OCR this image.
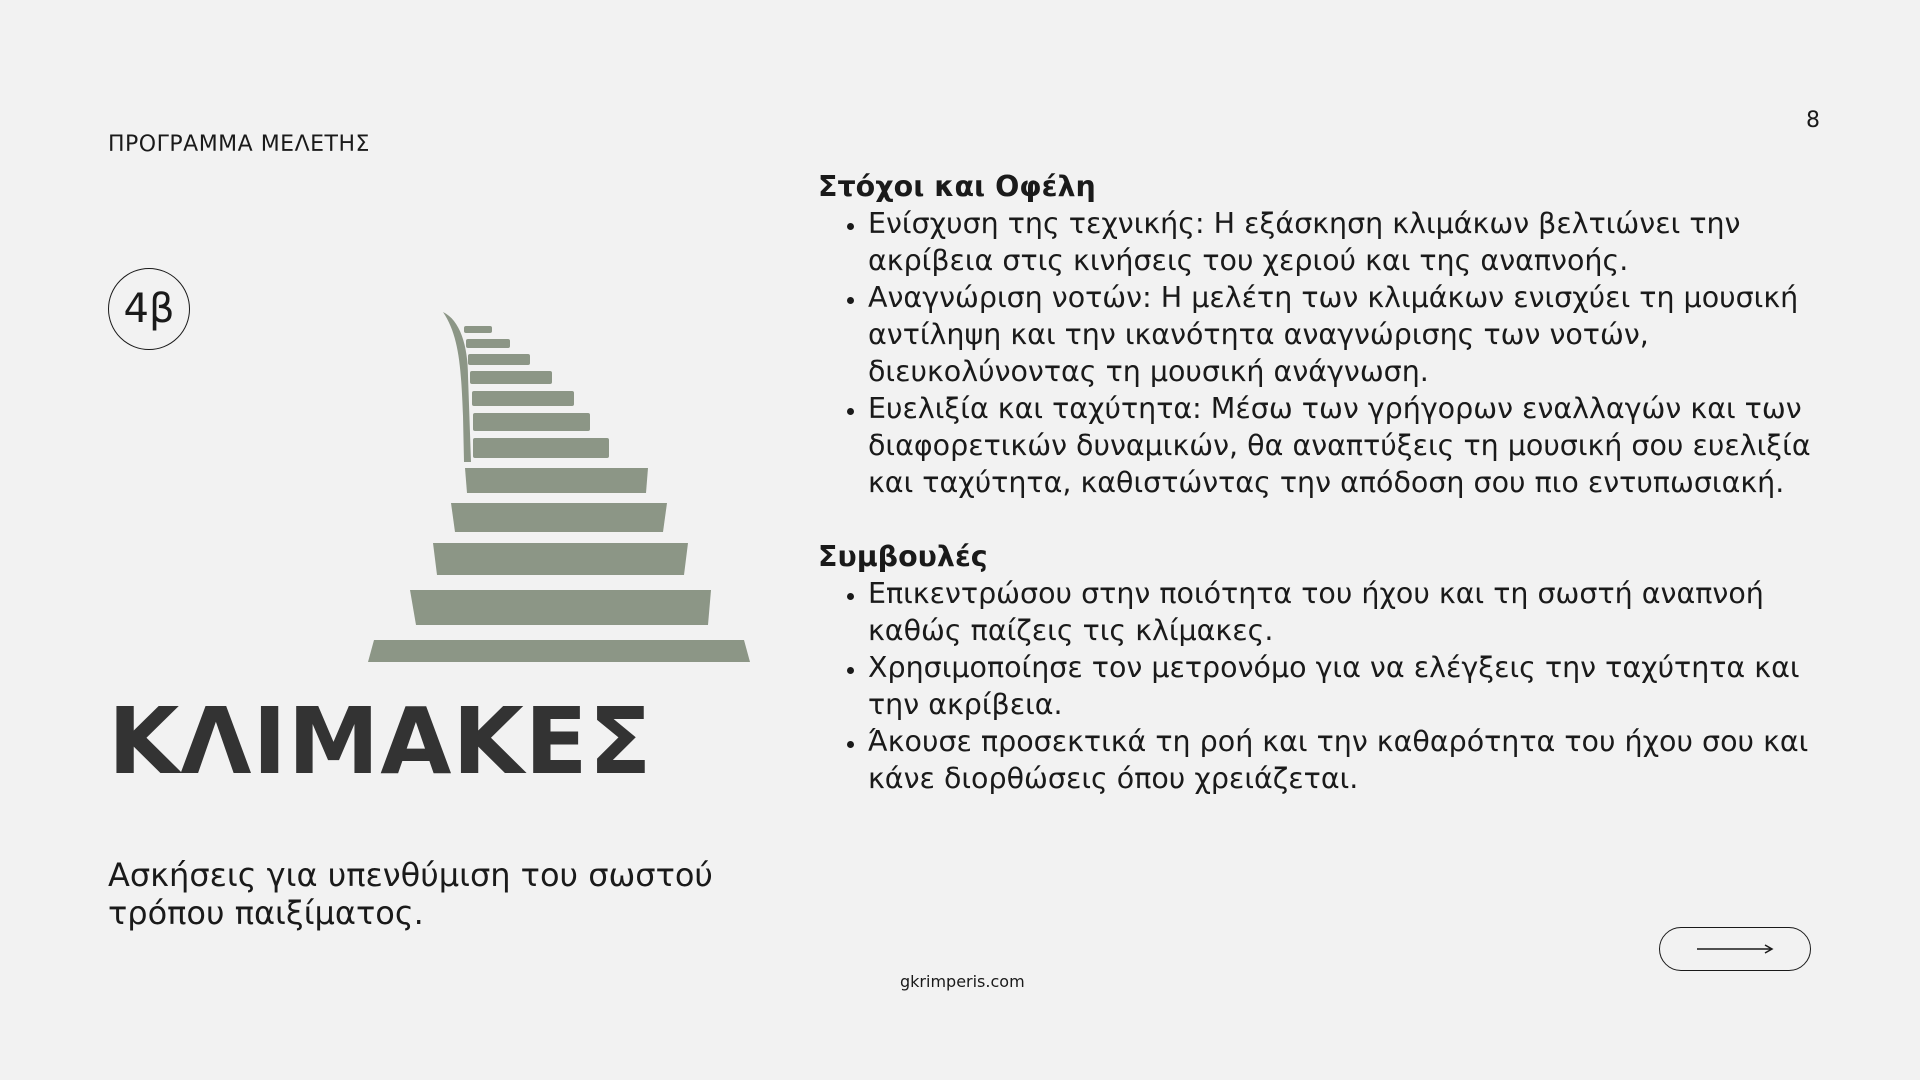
ΠΡΟΓΡΑΜΜΑ ΜΕΛΕΤΗΣ
8
4β
ΚΛΙΜΑΚΕΣ
Ασκήσεις για υπενθύμιση του σωστού τρόπου παιξίματος.

Στόχοι και Οφέλη

• Ενίσχυση της τεχνικής: Η εξάσκηση κλιμάκων βελτιώνει την ακρίβεια στις κινήσεις του χεριού και της αναπνοής.
• Αναγνώριση νοτών: Η μελέτη των κλιμάκων ενισχύει τη μουσική αντίληψη και την ικανότητα αναγνώρισης των νοτών, διευκολύνοντας τη μουσική ανάγνωση.
• Ευελιξία και ταχύτητα: Μέσω των γρήγορων εναλλαγών και των διαφορετικών δυναμικών, θα αναπτύξεις τη μουσική σου ευελιξία και ταχύτητα, καθιστώντας την απόδοση σου πιο εντυπωσιακή.

Συμβουλές

• Επικεντρώσου στην ποιότητα του ήχου και τη σωστή αναπνοή καθώς παίζεις τις κλίμακες.
• Χρησιμοποίησε τον μετρονόμο για να ελέγξεις την ταχύτητα και την ακρίβεια.
• Άκουσε προσεκτικά τη ροή και την καθαρότητα του ήχου σου και κάνε διορθώσεις όπου χρειάζεται.
gkrimperis.com
